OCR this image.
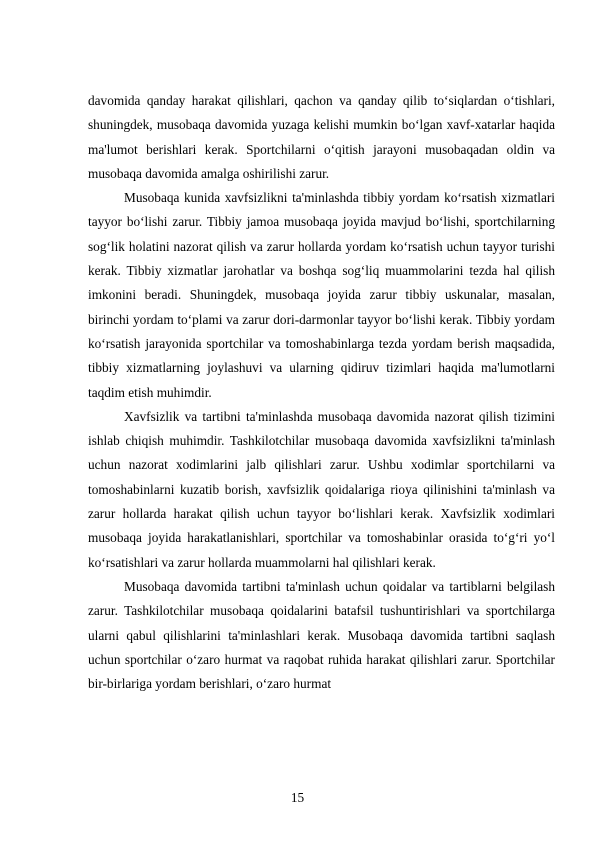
davomida qanday harakat qilishlari, qachon va qanday qilib to‘siqlardan o‘tishlari, shuningdek, musobaqa davomida yuzaga kelishi mumkin bo‘lgan xavf-xatarlar haqida ma'lumot berishlari kerak. Sportchilarni o‘qitish jarayoni musobaqadan oldin va musobaqa davomida amalga oshirilishi zarur.

Musobaqa kunida xavfsizlikni ta'minlashda tibbiy yordam ko‘rsatish xizmatlari tayyor bo‘lishi zarur. Tibbiy jamoa musobaqa joyida mavjud bo‘lishi, sportchilarning sog‘lik holatini nazorat qilish va zarur hollarda yordam ko‘rsatish uchun tayyor turishi kerak. Tibbiy xizmatlar jarohatlar va boshqa sog‘liq muammolarini tezda hal qilish imkonini beradi. Shuningdek, musobaqa joyida zarur tibbiy uskunalar, masalan, birinchi yordam to‘plami va zarur dori-darmonlar tayyor bo‘lishi kerak. Tibbiy yordam ko‘rsatish jarayonida sportchilar va tomoshabinlarga tezda yordam berish maqsadida, tibbiy xizmatlarning joylashuvi va ularning qidiruv tizimlari haqida ma'lumotlarni taqdim etish muhimdir.

Xavfsizlik va tartibni ta'minlashda musobaqa davomida nazorat qilish tizimini ishlab chiqish muhimdir. Tashkilotchilar musobaqa davomida xavfsizlikni ta'minlash uchun nazorat xodimlarini jalb qilishlari zarur. Ushbu xodimlar sportchilarni va tomoshabinlarni kuzatib borish, xavfsizlik qoidalariga rioya qilinishini ta'minlash va zarur hollarda harakat qilish uchun tayyor bo‘lishlari kerak. Xavfsizlik xodimlari musobaqa joyida harakatlanishlari, sportchilar va tomoshabinlar orasida to‘g‘ri yo‘l ko‘rsatishlari va zarur hollarda muammolarni hal qilishlari kerak.

Musobaqa davomida tartibni ta'minlash uchun qoidalar va tartiblarni belgilash zarur. Tashkilotchilar musobaqa qoidalarini batafsil tushuntirishlari va sportchilarga ularni qabul qilishlarini ta'minlashlari kerak. Musobaqa davomida tartibni saqlash uchun sportchilar o‘zaro hurmat va raqobat ruhida harakat qilishlari zarur. Sportchilar bir-birlariga yordam berishlari, o‘zaro hurmat

15
